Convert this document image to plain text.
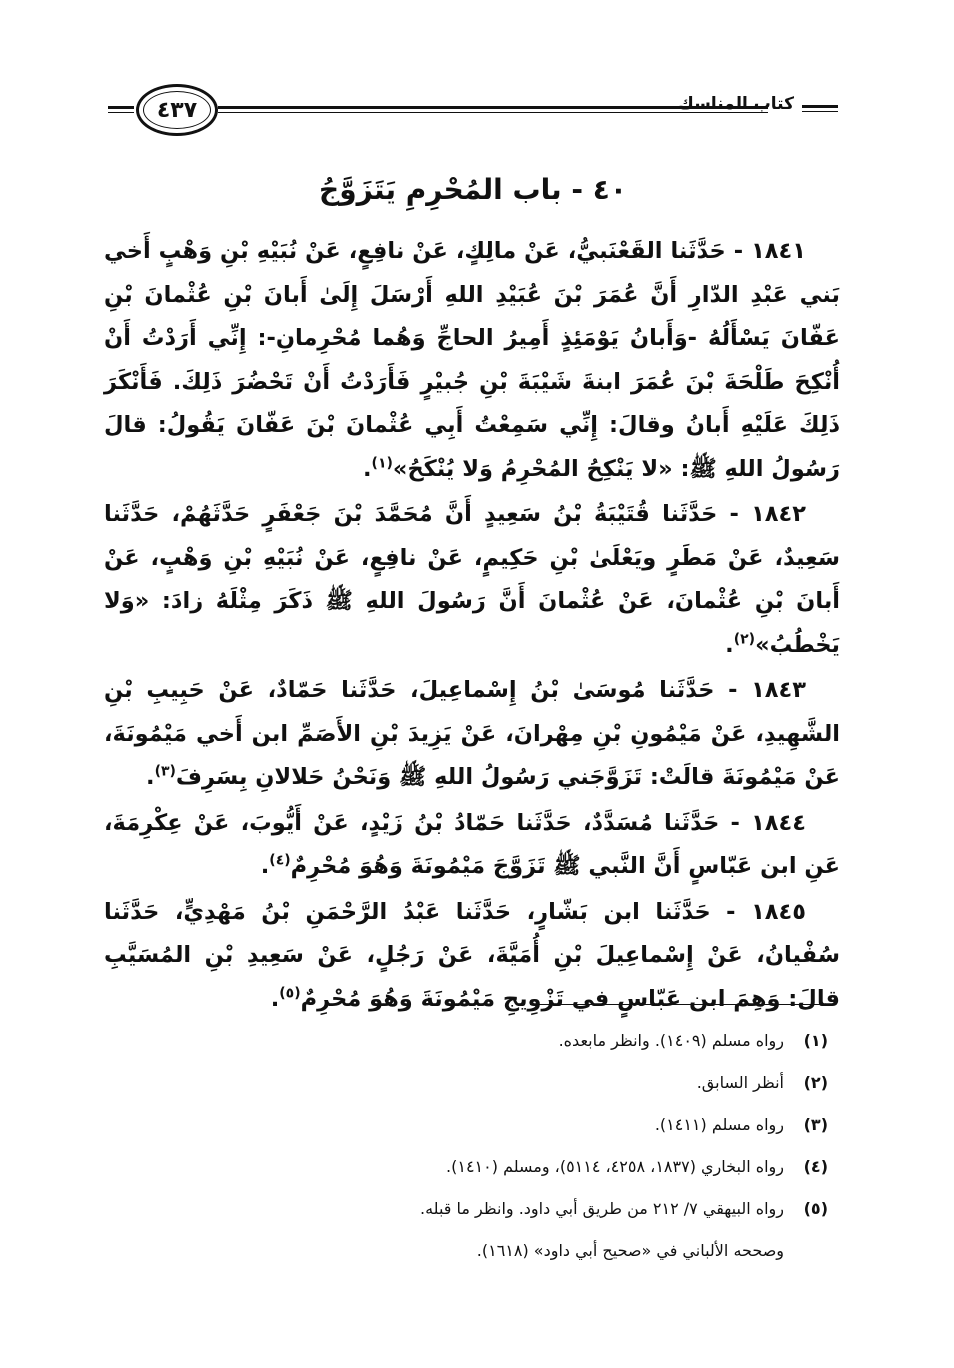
٤٣٧	كتاب المناسك
٤٠ - باب المُحْرِمِ يَتَزَوَّجُ

١٨٤١ - حَدَّثَنا القَعْنَبيُّ، عَنْ مالِكٍ، عَنْ نافِعٍ، عَنْ نُبَيْهِ بْنِ وَهْبٍ أَخي بَني عَبْدِ الدّارِ أَنَّ عُمَرَ بْنَ عُبَيْدِ اللهِ أَرْسَلَ إِلَىٰ أَبانَ بْنِ عُثْمانَ بْنِ عَفّانَ يَسْأَلُهُ -وَأَبانُ يَوْمَئِذٍ أَمِيرُ الحاجِّ وَهُما مُحْرِمانِ-: إِنِّي أَرَدْتُ أَنْ أُنْكِحَ طَلْحَةَ بْنَ عُمَرَ ابنةَ شَيْبَةَ بْنِ جُبيْرٍ فَأَرَدْتُ أَنْ تَحْضُرَ ذَلِكَ. فَأَنْكَرَ ذَلِكَ عَلَيْهِ أَبانُ وقالَ: إِنِّي سَمِعْتُ أَبِي عُثْمانَ بْنَ عَفّانَ يَقُولُ: قالَ رَسُولُ اللهِ ﷺ: «لا يَنْكِحُ المُحْرِمُ وَلا يُنْكَحُ»$^{(١)}$.

١٨٤٢ - حَدَّثَنا قُتَيْبَةُ بْنُ سَعِيدٍ أَنَّ مُحَمَّدَ بْنَ جَعْفَرٍ حَدَّثَهُمْ، حَدَّثَنا سَعِيدٌ، عَنْ مَطَرٍ ويَعْلَىٰ بْنِ حَكِيمٍ، عَنْ نافِعٍ، عَنْ نُبَيْهِ بْنِ وَهْبٍ، عَنْ أَبانَ بْنِ عُثْمانَ، عَنْ عُثْمانَ أَنَّ رَسُولَ اللهِ ﷺ ذَكَرَ مِثْلَهُ زادَ: «وَلا يَخْطُبُ»$^{(٢)}$.

١٨٤٣ - حَدَّثَنا مُوسَىٰ بْنُ إِسْماعِيلَ، حَدَّثَنا حَمّادٌ، عَنْ حَبِيبِ بْنِ الشَّهِيدِ، عَنْ مَيْمُونِ بْنِ مِهْرانَ، عَنْ يَزِيدَ بْنِ الأَصَمِّ ابن أَخي مَيْمُونَةَ، عَنْ مَيْمُونَةَ قالَتْ: تَزَوَّجَني رَسُولُ اللهِ ﷺ وَنَحْنُ حَلالانِ بِسَرِفَ$^{(٣)}$.

١٨٤٤ - حَدَّثَنا مُسَدَّدٌ، حَدَّثَنا حَمّادُ بْنُ زَيْدٍ، عَنْ أَيُّوبَ، عَنْ عِكْرِمَةَ، عَنِ ابن عَبّاسٍ أَنَّ النَّبي ﷺ تَزَوَّجَ مَيْمُونَةَ وَهُوَ مُحْرِمٌ$^{(٤)}$.

١٨٤٥ - حَدَّثَنا ابن بَشّارٍ، حَدَّثَنا عَبْدُ الرَّحْمَنِ بْنُ مَهْدِيٍّ، حَدَّثَنا سُفْيانُ، عَنْ إِسْماعِيلَ بْنِ أُمَيَّةَ، عَنْ رَجُلٍ، عَنْ سَعِيدِ بْنِ المُسَيَّبِ قالَ: وَهِمَ ابن عَبّاسٍ في تَزْوِيجِ مَيْمُونَةَ وَهُوَ مُحْرِمٌ$^{(٥)}$.

(١)
رواه مسلم (١٤٠٩). وانظر مابعده.
(٢)
أنظر السابق.
(٣)
رواه مسلم (١٤١١).
(٤)
رواه البخاري (١٨٣٧، ٤٢٥٨، ٥١١٤)، ومسلم (١٤١٠).
(٥)
رواه البيهقي ٧/ ٢١٢ من طريق أبي داود. وانظر ما قبله.
وصححه الألباني في «صحيح أبي داود» (١٦١٨).
